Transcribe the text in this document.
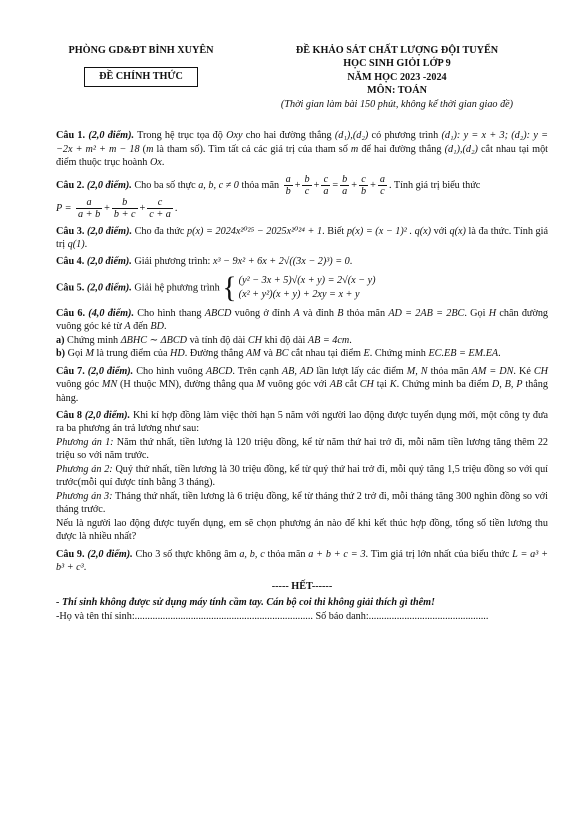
PHÒNG GD&ĐT BÌNH XUYÊN
ĐỀ CHÍNH THỨC
ĐỀ KHẢO SÁT CHẤT LƯỢNG ĐỘI TUYỂN
HỌC SINH GIỎI LỚP 9
NĂM HỌC 2023 -2024
MÔN: TOÁN
(Thời gian làm bài 150 phút, không kể thời gian giao đề)

Câu 1. (2,0 điểm). Trong hệ trục tọa độ Oxy cho hai đường thẳng (d₁),(d₂) có phương trình (d₁): y = x + 3; (d₂): y = −2x + m² + m − 18 (m là tham số). Tìm tất cả các giá trị của tham số m để hai đường thẳng (d₁),(d₂) cắt nhau tại một điểm thuộc trục hoành Ox.

Câu 2. (2,0 điểm). Cho ba số thực a, b, c ≠ 0 thỏa mãn $\frac{a}{b} + \frac{b}{c} + \frac{c}{a} = \frac{b}{a} + \frac{c}{b} + \frac{a}{c}$ . Tính giá trị biểu thức
$P = \frac{a}{a + b} + \frac{b}{b + c} + \frac{c}{c + a}$ .

Câu 3. (2,0 điểm). Cho đa thức p(x) = 2024x²⁰²⁵ − 2025x²⁰²⁴ + 1. Biết p(x) = (x − 1)² . q(x) với q(x) là đa thức. Tính giá trị q(1).

Câu 4. (2,0 điểm). Giải phương trình: x³ − 9x² + 6x + 2√((3x − 2)³) = 0.

Câu 5. (2,0 điểm). Giải hệ phương trình { (y² − 3x + 5)√(x + y) = 2√(x − y)
(x² + y²)(x + y) + 2xy = x + y

Câu 6. (4,0 điểm). Cho hình thang ABCD vuông ở đỉnh A và đỉnh B thỏa mãn AD = 2AB = 2BC. Gọi H chân đường vuông góc kẻ từ A đến BD.
a) Chứng minh ΔBHC ∼ ΔBCD và tính độ dài CH khi độ dài AB = 4cm.
b) Gọi M là trung điểm của HD. Đường thẳng AM và BC cắt nhau tại điểm E. Chứng minh EC.EB = EM.EA.

Câu 7. (2,0 điểm). Cho hình vuông ABCD. Trên cạnh AB, AD lần lượt lấy các điểm M, N thỏa mãn AM = DN. Kẻ CH vuông góc MN (H thuộc MN), đường thẳng qua M vuông góc với AB cắt CH tại K. Chứng minh ba điểm D, B, P thẳng hàng.

Câu 8 (2,0 điểm). Khi kí hợp đồng làm việc thời hạn 5 năm với người lao động được tuyển dụng mới, một công ty đưa ra ba phương án trả lương như sau:
Phương án 1: Năm thứ nhất, tiền lương là 120 triệu đồng, kể từ năm thứ hai trở đi, mỗi năm tiền lương tăng thêm 22 triệu so với năm trước.
Phương án 2: Quý thứ nhất, tiền lương là 30 triệu đồng, kể từ quý thứ hai trở đi, mỗi quý tăng 1,5 triệu đồng so với quí trước(mỗi quí được tính bằng 3 tháng).
Phương án 3: Tháng thứ nhất, tiền lương là 6 triệu đồng, kể từ tháng thứ 2 trở đi, mỗi tháng tăng 300 nghìn đồng so với tháng trước.
Nếu là người lao động được tuyển dụng, em sẽ chọn phương án nào để khi kết thúc hợp đồng, tổng số tiền lương thu được là nhiều nhất?

Câu 9. (2,0 điểm). Cho 3 số thực không âm a, b, c thỏa mãn a + b + c = 3. Tìm giá trị lớn nhất của biểu thức L = a³ + b³ + c³.

----- HẾT------
- Thí sinh không được sử dụng máy tính cầm tay. Cán bộ coi thi không giải thích gì thêm!
-Họ và tên thí sinh:...................................................................... Số báo danh:...............................................
